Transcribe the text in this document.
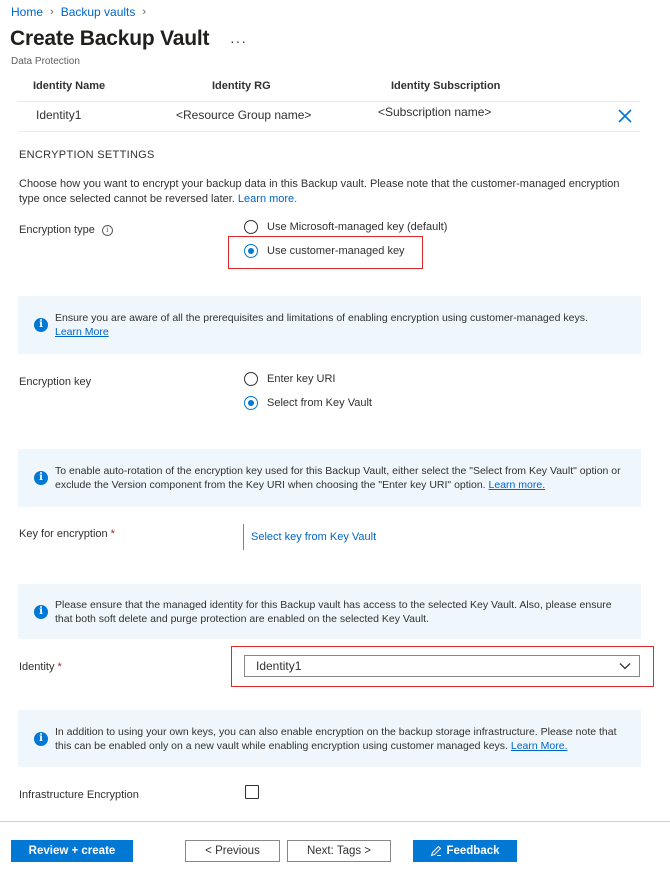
Home › Backup vaults ›
Create Backup Vault ···
Data Protection
Identity Name	Identity RG	Identity Subscription
Identity1	<Resource Group name>	<Subscription name>
ENCRYPTION SETTINGS
Choose how you want to encrypt your backup data in this Backup vault. Please note that the customer-managed encryption type once selected cannot be reversed later. Learn more.
Encryption type	i	Use Microsoft-managed key (default)
Use customer-managed key
i
Ensure you are aware of all the prerequisites and limitations of enabling encryption using customer-managed keys.
Learn More
Encryption key	Enter key URI
Select from Key Vault
i
To enable auto-rotation of the encryption key used for this Backup Vault, either select the "Select from Key Vault" option or exclude the Version component from the Key URI when choosing the "Enter key URI" option. Learn more.
Key for encryption *	Select key from Key Vault
i
Please ensure that the managed identity for this Backup vault has access to the selected Key Vault. Also, please ensure that both soft delete and purge protection are enabled on the selected Key Vault.
Identity *	Identity1
i
In addition to using your own keys, you can also enable encryption on the backup storage infrastructure. Please note that this can be enabled only on a new vault while enabling encryption using customer managed keys. Learn More.
Infrastructure Encryption
Review + create	< Previous	Next: Tags >	Feedback
